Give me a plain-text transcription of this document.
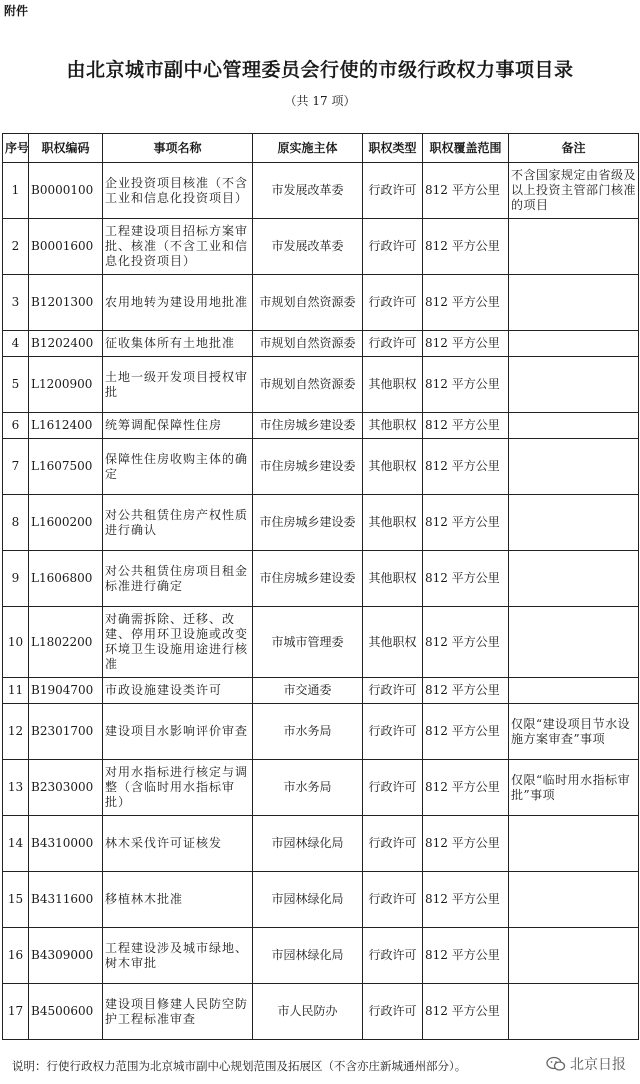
附件
由北京城市副中心管理委员会行使的市级行政权力事项目录
（共 17 项）
序号	职权编码	事项名称	原实施主体	职权类型	职权覆盖范围	备注
1	B0000100	企业投资项目核准（不含工业和信息化投资项目）	市发展改革委	行政许可	812 平方公里	不含国家规定由省级及以上投资主管部门核准的项目
2	B0001600	工程建设项目招标方案审批、核准（不含工业和信息化投资项目）	市发展改革委	行政许可	812 平方公里	
3	B1201300	农用地转为建设用地批准	市规划自然资源委	行政许可	812 平方公里	
4	B1202400	征收集体所有土地批准	市规划自然资源委	行政许可	812 平方公里	
5	L1200900	土地一级开发项目授权审批	市规划自然资源委	其他职权	812 平方公里	
6	L1612400	统筹调配保障性住房	市住房城乡建设委	其他职权	812 平方公里	
7	L1607500	保障性住房收购主体的确定	市住房城乡建设委	其他职权	812 平方公里	
8	L1600200	对公共租赁住房产权性质进行确认	市住房城乡建设委	其他职权	812 平方公里	
9	L1606800	对公共租赁住房项目租金标准进行确定	市住房城乡建设委	其他职权	812 平方公里	
10	L1802200	对确需拆除、迁移、改建、停用环卫设施或改变环境卫生设施用途进行核准	市城市管理委	其他职权	812 平方公里	
11	B1904700	市政设施建设类许可	市交通委	行政许可	812 平方公里	
12	B2301700	建设项目水影响评价审查	市水务局	行政许可	812 平方公里	仅限“建设项目节水设施方案审查”事项
13	B2303000	对用水指标进行核定与调整（含临时用水指标审批）	市水务局	行政许可	812 平方公里	仅限“临时用水指标审批”事项
14	B4310000	林木采伐许可证核发	市园林绿化局	行政许可	812 平方公里	
15	B4311600	移植林木批准	市园林绿化局	行政许可	812 平方公里	
16	B4309000	工程建设涉及城市绿地、树木审批	市园林绿化局	行政许可	812 平方公里	
17	B4500600	建设项目修建人民防空防护工程标准审查	市人民防办	行政许可	812 平方公里	
说明：行使行政权力范围为北京城市副中心规划范围及拓展区（不含亦庄新城通州部分）。	北京日报
